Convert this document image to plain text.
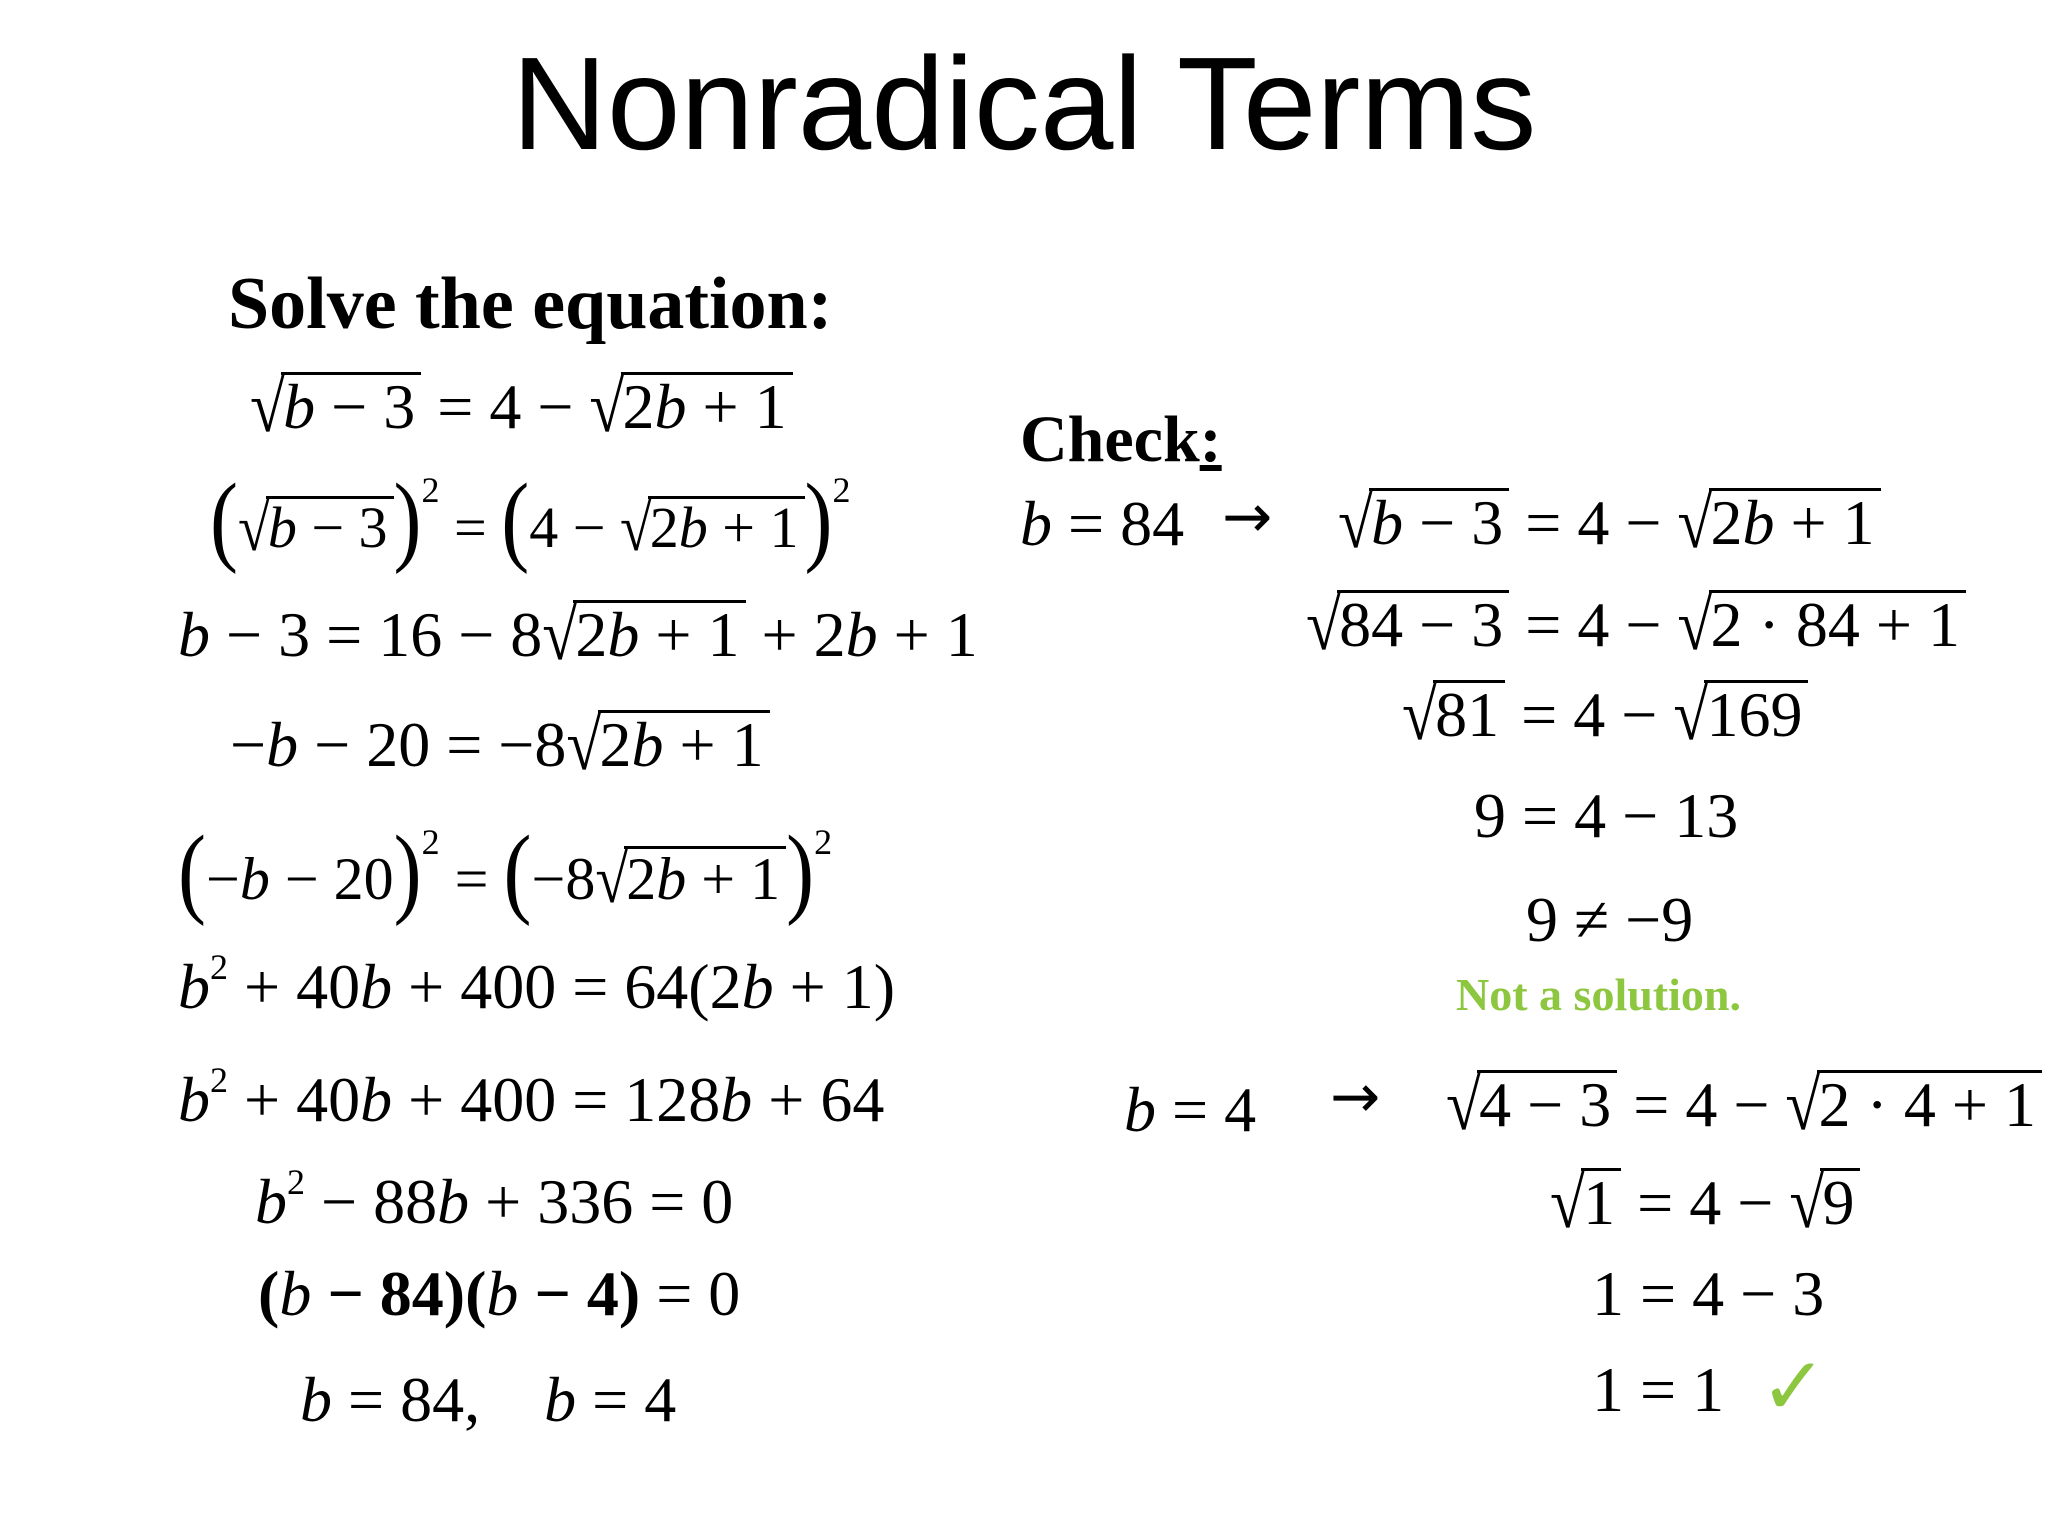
Nonradical Terms
Solve the equation:
√b − 3 = 4 − √2b + 1
$(√b - 3)^2 = (4 - √2b + 1)^2$
b − 3 = 16 − 8√2b + 1 + 2b + 1
−b − 20 = −8√2b + 1
$(-b - 20)^2 = (-8√2b + 1)^2$
$b^2 + 40b + 400 = 64(2b + 1)$
$b^2 + 40b + 400 = 128b + 64$
$b^2 - 88b + 336 = 0$
(b − 84)(b − 4) = 0
b = 84, b = 4
Check:
b = 84 → √b − 3 = 4 − √2b + 1
√84 − 3 = 4 − √2 · 84 + 1
√81 = 4 − √169
9 = 4 − 13
9 ≠ −9
Not a solution.
b = 4 → √4 − 3 = 4 − √2 · 4 + 1
√1 = 4 − √9
1 = 4 − 3
1 = 1 ✓
